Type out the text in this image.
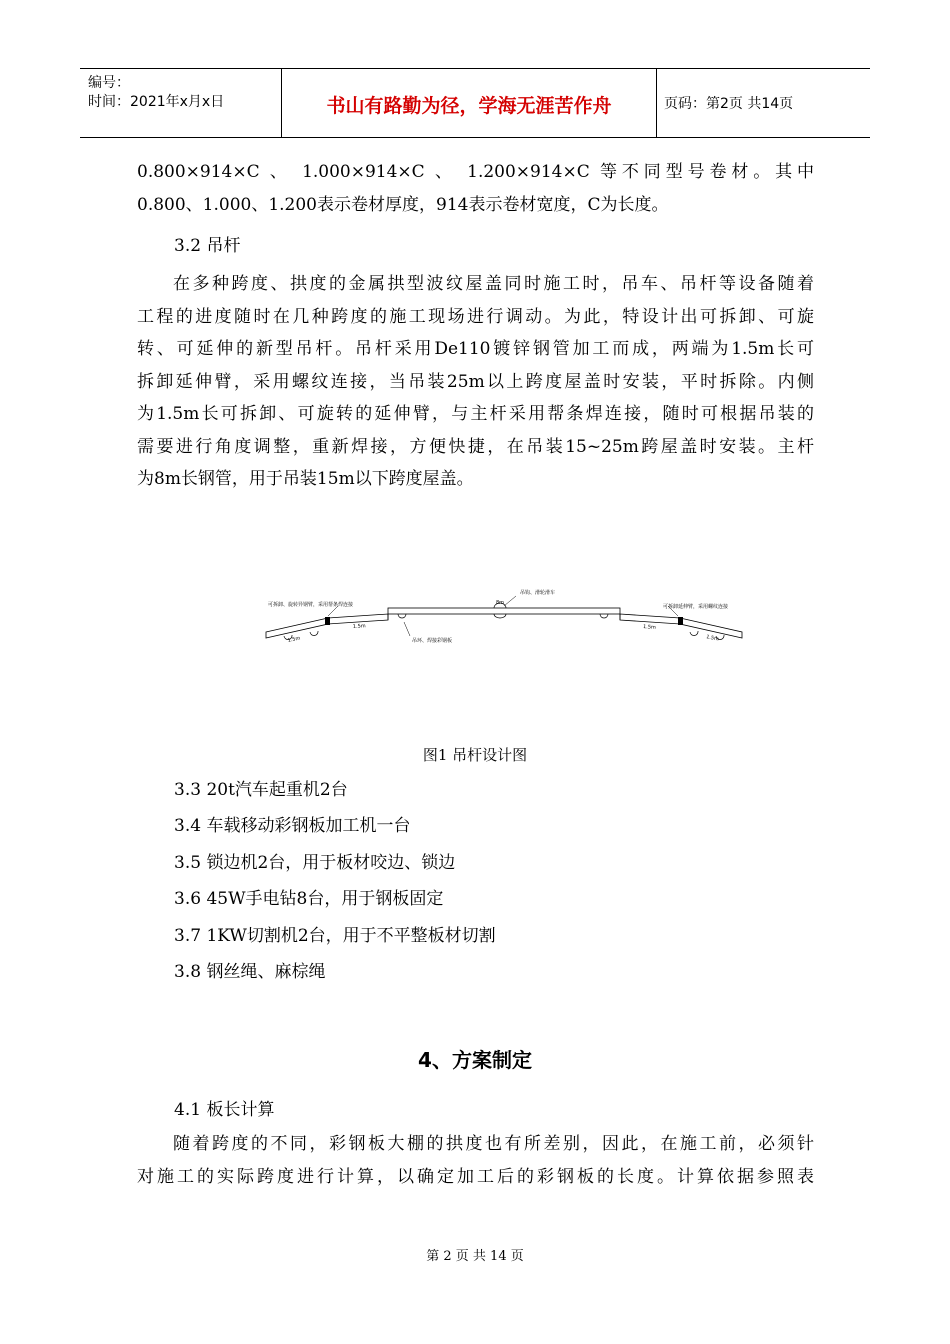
编号：
时间：2021年x月x日	书山有路勤为径，学海无涯苦作舟	页码：第2页 共14页
0.800×914×C 、 1.000×914×C 、 1.200×914×C 等不同型号卷材。其中
0.800、1.000、1.200表示卷材厚度，914表示卷材宽度，C为长度。
3.2 吊杆
在多种跨度、拱度的金属拱型波纹屋盖同时施工时，吊车、吊杆等设备随着
工程的进度随时在几种跨度的施工现场进行调动。为此，特设计出可拆卸、可旋
转、可延伸的新型吊杆。吊杆采用De110镀锌钢管加工而成，两端为1.5m长可
拆卸延伸臂，采用螺纹连接，当吊装25m以上跨度屋盖时安装，平时拆除。内侧
为1.5m长可拆卸、可旋转的延伸臂，与主杆采用帮条焊连接，随时可根据吊装的
需要进行角度调整，重新焊接，方便快捷，在吊装15~25m跨屋盖时安装。主杆
为8m长钢管，用于吊装15m以下跨度屋盖。
可拆卸、旋转异钢臂，采用帮条焊连接
吊钩、滑轮滑车
8m
吊环、焊接彩钢板
可拆卸延伸臂，采用螺纹连接
1.5m
1.5m	1.5m
1.5m
图1 吊杆设计图
3.3 20t汽车起重机2台
3.4 车载移动彩钢板加工机一台
3.5 锁边机2台，用于板材咬边、锁边
3.6 45W手电钻8台，用于钢板固定
3.7 1KW切割机2台，用于不平整板材切割
3.8 钢丝绳、麻棕绳
4、方案制定
4.1 板长计算
随着跨度的不同，彩钢板大棚的拱度也有所差别，因此，在施工前，必须针
对施工的实际跨度进行计算，以确定加工后的彩钢板的长度。计算依据参照表
第 2 页 共 14 页
